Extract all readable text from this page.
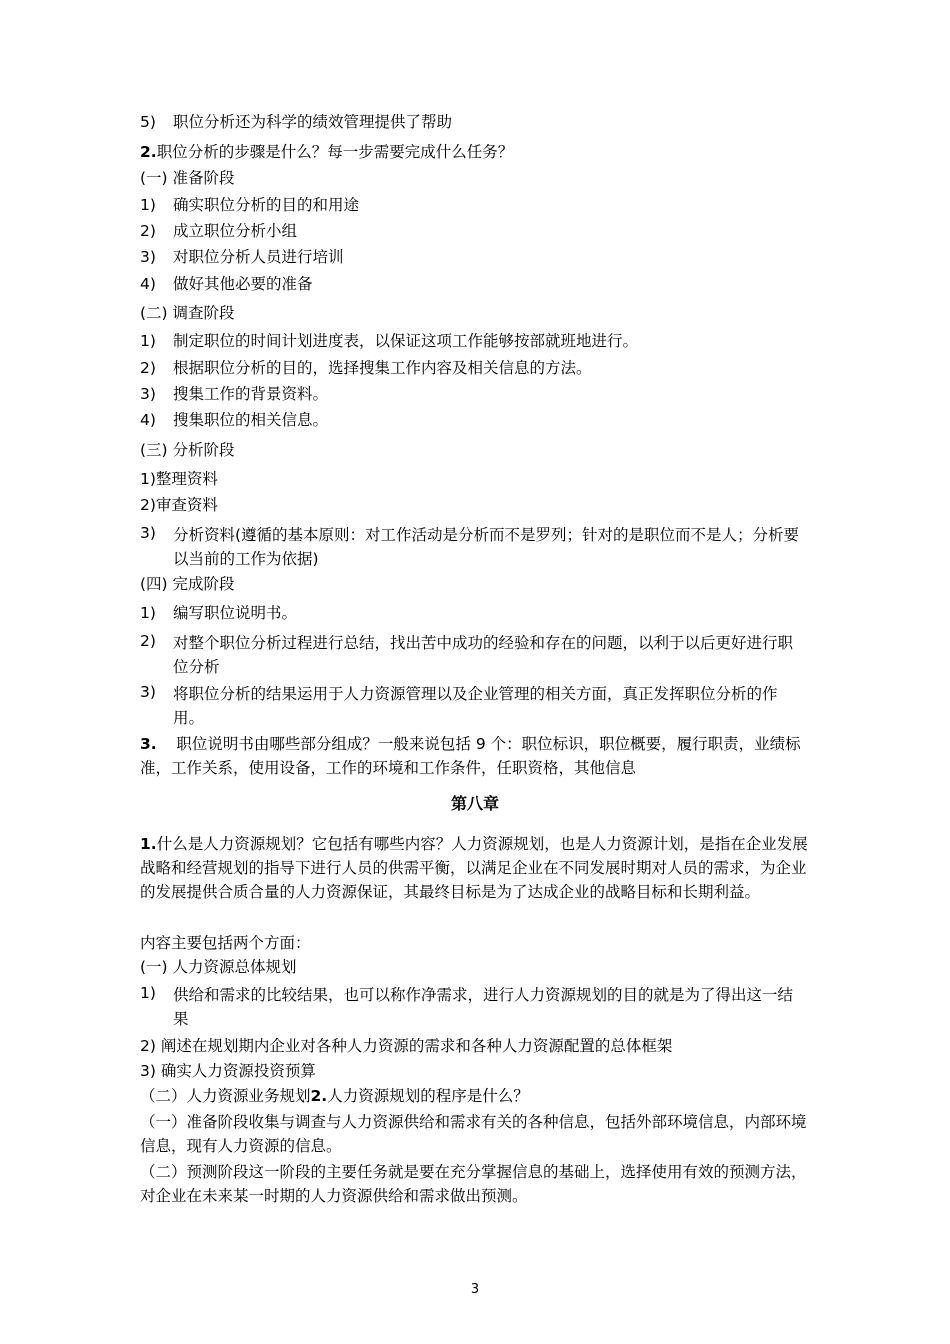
5) 职位分析还为科学的绩效管理提供了帮助
2.职位分析的步骤是什么？每一步需要完成什么任务？
(一) 准备阶段
1) 确实职位分析的目的和用途
2) 成立职位分析小组
3) 对职位分析人员进行培训
4) 做好其他必要的准备
(二) 调查阶段
1) 制定职位的时间计划进度表，以保证这项工作能够按部就班地进行。
2) 根据职位分析的目的，选择搜集工作内容及相关信息的方法。
3) 搜集工作的背景资料。
4) 搜集职位的相关信息。
(三) 分析阶段
1)整理资料
2)审查资料
3) 分析资料(遵循的基本原则：对工作活动是分析而不是罗列；针对的是职位而不是人；分析要以当前的工作为依据)
(四) 完成阶段
1) 编写职位说明书。
2) 对整个职位分析过程进行总结，找出苦中成功的经验和存在的问题，以利于以后更好进行职位分析
3) 将职位分析的结果运用于人力资源管理以及企业管理的相关方面，真正发挥职位分析的作用。
3. 职位说明书由哪些部分组成？一般来说包括 9 个：职位标识，职位概要，履行职责，业绩标准，工作关系，使用设备，工作的环境和工作条件，任职资格，其他信息
第八章
1.什么是人力资源规划？它包括有哪些内容？人力资源规划，也是人力资源计划，是指在企业发展战略和经营规划的指导下进行人员的供需平衡，以满足企业在不同发展时期对人员的需求，为企业的发展提供合质合量的人力资源保证，其最终目标是为了达成企业的战略目标和长期利益。
内容主要包括两个方面：
(一) 人力资源总体规划
1) 供给和需求的比较结果，也可以称作净需求，进行人力资源规划的目的就是为了得出这一结果
2) 阐述在规划期内企业对各种人力资源的需求和各种人力资源配置的总体框架
3) 确实人力资源投资预算
（二）人力资源业务规划2.人力资源规划的程序是什么？
（一）准备阶段收集与调查与人力资源供给和需求有关的各种信息，包括外部环境信息，内部环境信息，现有人力资源的信息。
（二）预测阶段这一阶段的主要任务就是要在充分掌握信息的基础上，选择使用有效的预测方法，对企业在未来某一时期的人力资源供给和需求做出预测。
3
